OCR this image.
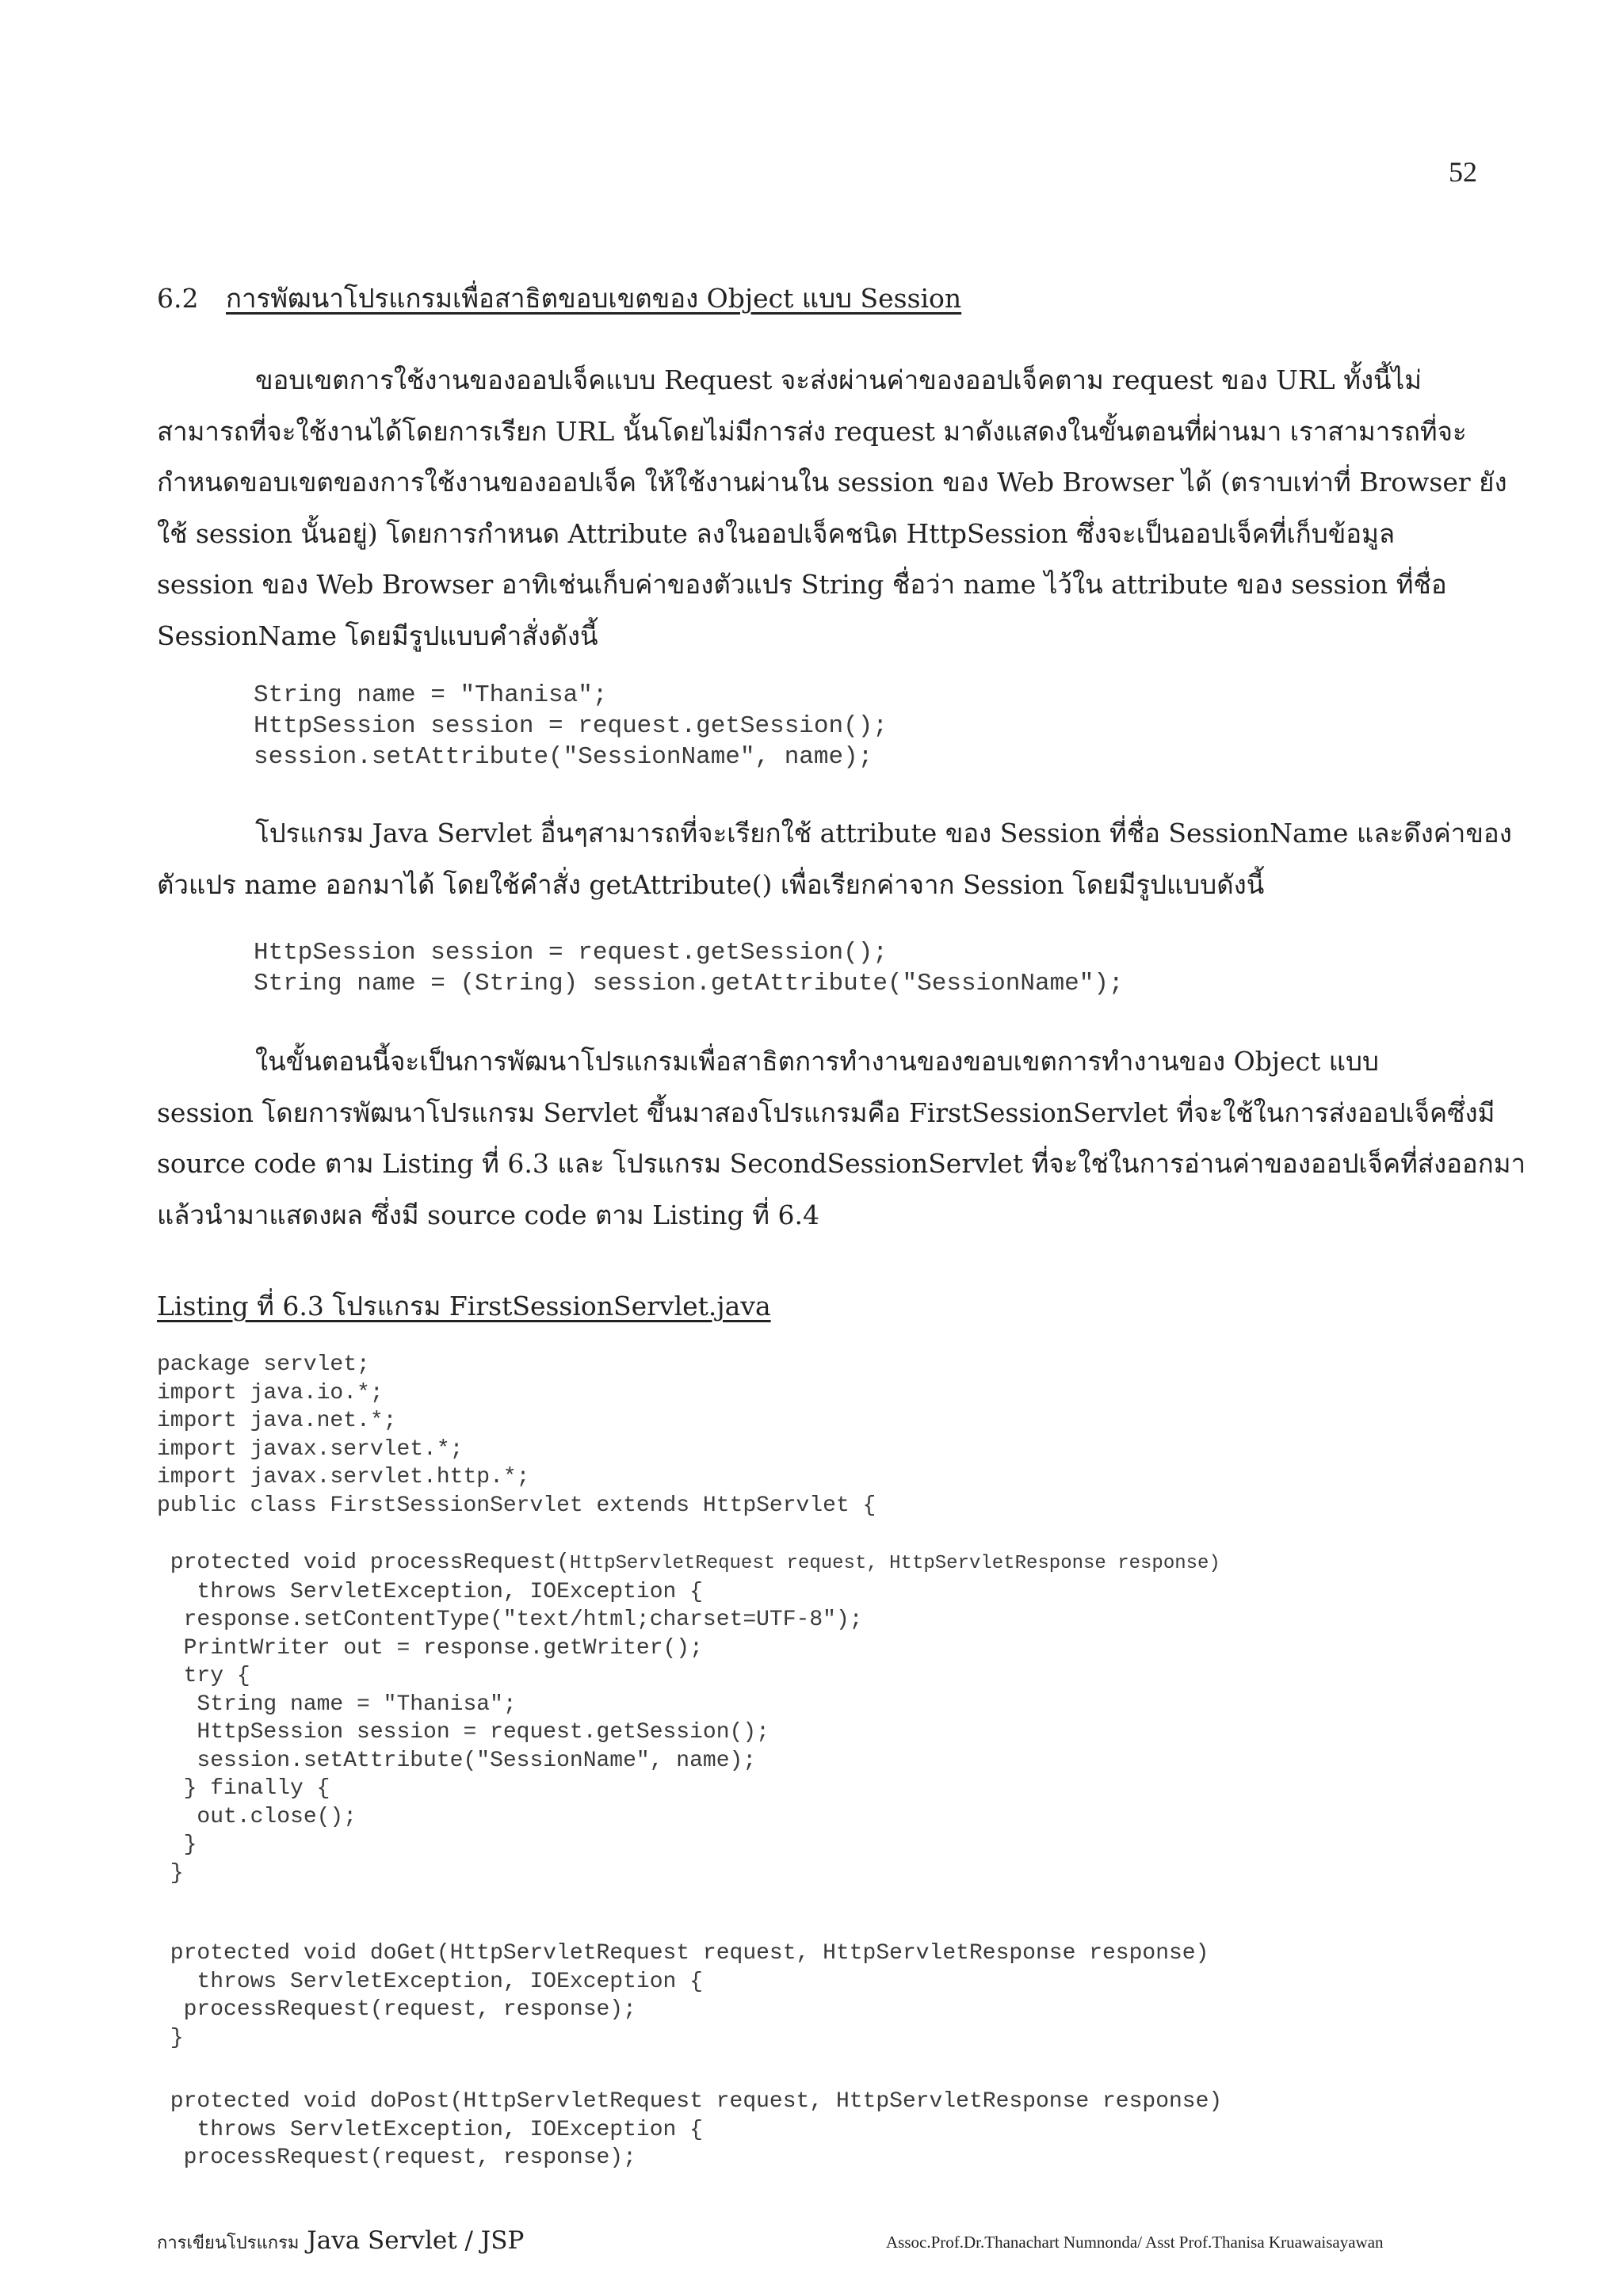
52
6.2 การพัฒนาโปรแกรมเพื่อสาธิตขอบเขตของ Object แบบ Session

ขอบเขตการใช้งานของออปเจ็คแบบ Request จะส่งผ่านค่าของออปเจ็คตาม request ของ URL ทั้งนี้ไม่

สามารถที่จะใช้งานได้โดยการเรียก URL นั้นโดยไม่มีการส่ง request มาดังแสดงในขั้นตอนที่ผ่านมา เราสามารถที่จะ

กำหนดขอบเขตของการใช้งานของออปเจ็ค ให้ใช้งานผ่านใน session ของ Web Browser ได้ (ตราบเท่าที่ Browser ยัง

ใช้ session นั้นอยู่) โดยการกำหนด Attribute ลงในออปเจ็คชนิด HttpSession ซึ่งจะเป็นออปเจ็คที่เก็บข้อมูล

session ของ Web Browser อาทิเช่นเก็บค่าของตัวแปร String ชื่อว่า name ไว้ใน attribute ของ session ที่ชื่อ

SessionName โดยมีรูปแบบคำสั่งดังนี้

String name = "Thanisa";
HttpSession session = request.getSession();
session.setAttribute("SessionName", name);

โปรแกรม Java Servlet อื่นๆสามารถที่จะเรียกใช้ attribute ของ Session ที่ชื่อ SessionName และดึงค่าของ

ตัวแปร name ออกมาได้ โดยใช้คำสั่ง getAttribute() เพื่อเรียกค่าจาก Session โดยมีรูปแบบดังนี้

HttpSession session = request.getSession();
String name = (String) session.getAttribute("SessionName");

ในขั้นตอนนี้จะเป็นการพัฒนาโปรแกรมเพื่อสาธิตการทำงานของขอบเขตการทำงานของ Object แบบ

session โดยการพัฒนาโปรแกรม Servlet ขึ้นมาสองโปรแกรมคือ FirstSessionServlet ที่จะใช้ในการส่งออปเจ็คซึ่งมี

source code ตาม Listing ที่ 6.3 และ โปรแกรม SecondSessionServlet ที่จะใช่ในการอ่านค่าของออปเจ็คที่ส่งออกมา

แล้วนำมาแสดงผล ซึ่งมี source code ตาม Listing ที่ 6.4

Listing ที่ 6.3 โปรแกรม FirstSessionServlet.java
package servlet;
import java.io.*;
import java.net.*;
import javax.servlet.*;
import javax.servlet.http.*;
public class FirstSessionServlet extends HttpServlet {
protected void processRequest(HttpServletRequest request, HttpServletResponse response)
throws ServletException, IOException {
response.setContentType("text/html;charset=UTF-8");
PrintWriter out = response.getWriter();
try {
String name = "Thanisa";
HttpSession session = request.getSession();
session.setAttribute("SessionName", name);
} finally {
out.close();
}
}
protected void doGet(HttpServletRequest request, HttpServletResponse response)
throws ServletException, IOException {
processRequest(request, response);
}
protected void doPost(HttpServletRequest request, HttpServletResponse response)
throws ServletException, IOException {
processRequest(request, response);
การเขียนโปรแกรม Java Servlet / JSP	Assoc.Prof.Dr.Thanachart Numnonda/ Asst Prof.Thanisa Kruawaisayawan
